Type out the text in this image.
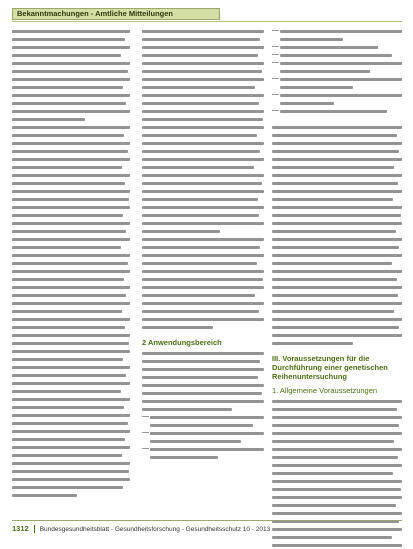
Bekanntmachungen - Amtliche Mitteilungen
2 Anwendungsbereich
—
—
—
—
—
—
—
—
—
—
III. Voraussetzungen für die Durchführung einer genetischen Reihenuntersuchung
1. Allgemeine Voraussetzungen
1312 Bundesgesundheitsblatt - Gesundheitsforschung - Gesundheitsschutz 10 · 2013
